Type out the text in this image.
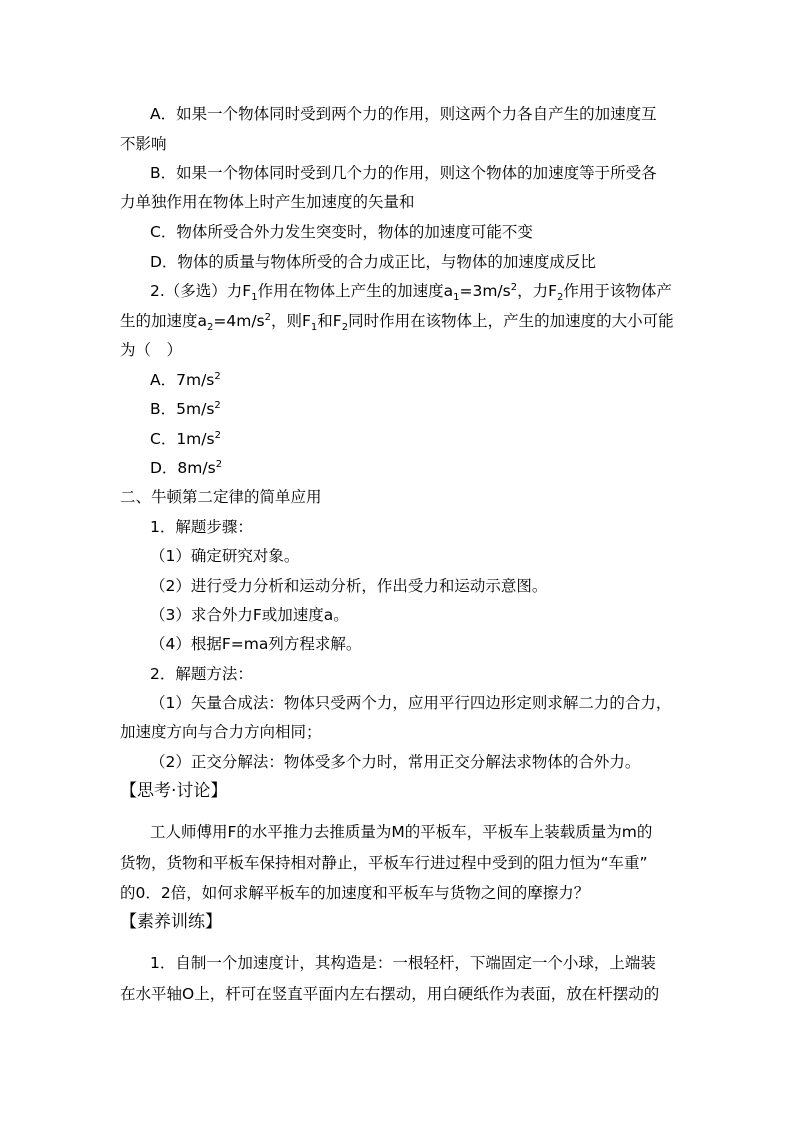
A．如果一个物体同时受到两个力的作用，则这两个力各自产生的加速度互
不影响
B．如果一个物体同时受到几个力的作用，则这个物体的加速度等于所受各
力单独作用在物体上时产生加速度的矢量和
C．物体所受合外力发生突变时，物体的加速度可能不变
D．物体的质量与物体所受的合力成正比，与物体的加速度成反比
2.（多选）力$F_1$作用在物体上产生的加速度$a_1=3m/s^2$，力$F_2$作用于该物体产
生的加速度$a_2=4m/s^2$，则$F_1$和$F_2$同时作用在该物体上，产生的加速度的大小可能
为（　）
A．$7m/s^2$
B．$5m/s^2$
C．$1m/s^2$
D．$8m/s^2$
二、牛顿第二定律的简单应用
1．解题步骤：
（1）确定研究对象。
（2）进行受力分析和运动分析，作出受力和运动示意图。
（3）求合外力F或加速度a。
（4）根据F=ma列方程求解。
2．解题方法：
（1）矢量合成法：物体只受两个力，应用平行四边形定则求解二力的合力，
加速度方向与合力方向相同；
（2）正交分解法：物体受多个力时，常用正交分解法求物体的合外力。
【思考·讨论】
工人师傅用F的水平推力去推质量为M的平板车，平板车上装载质量为m的
货物，货物和平板车保持相对静止，平板车行进过程中受到的阻力恒为“车重”
的0．2倍，如何求解平板车的加速度和平板车与货物之间的摩擦力？
【素养训练】
1．自制一个加速度计，其构造是：一根轻杆，下端固定一个小球，上端装
在水平轴O上，杆可在竖直平面内左右摆动，用白硬纸作为表面，放在杆摆动的
